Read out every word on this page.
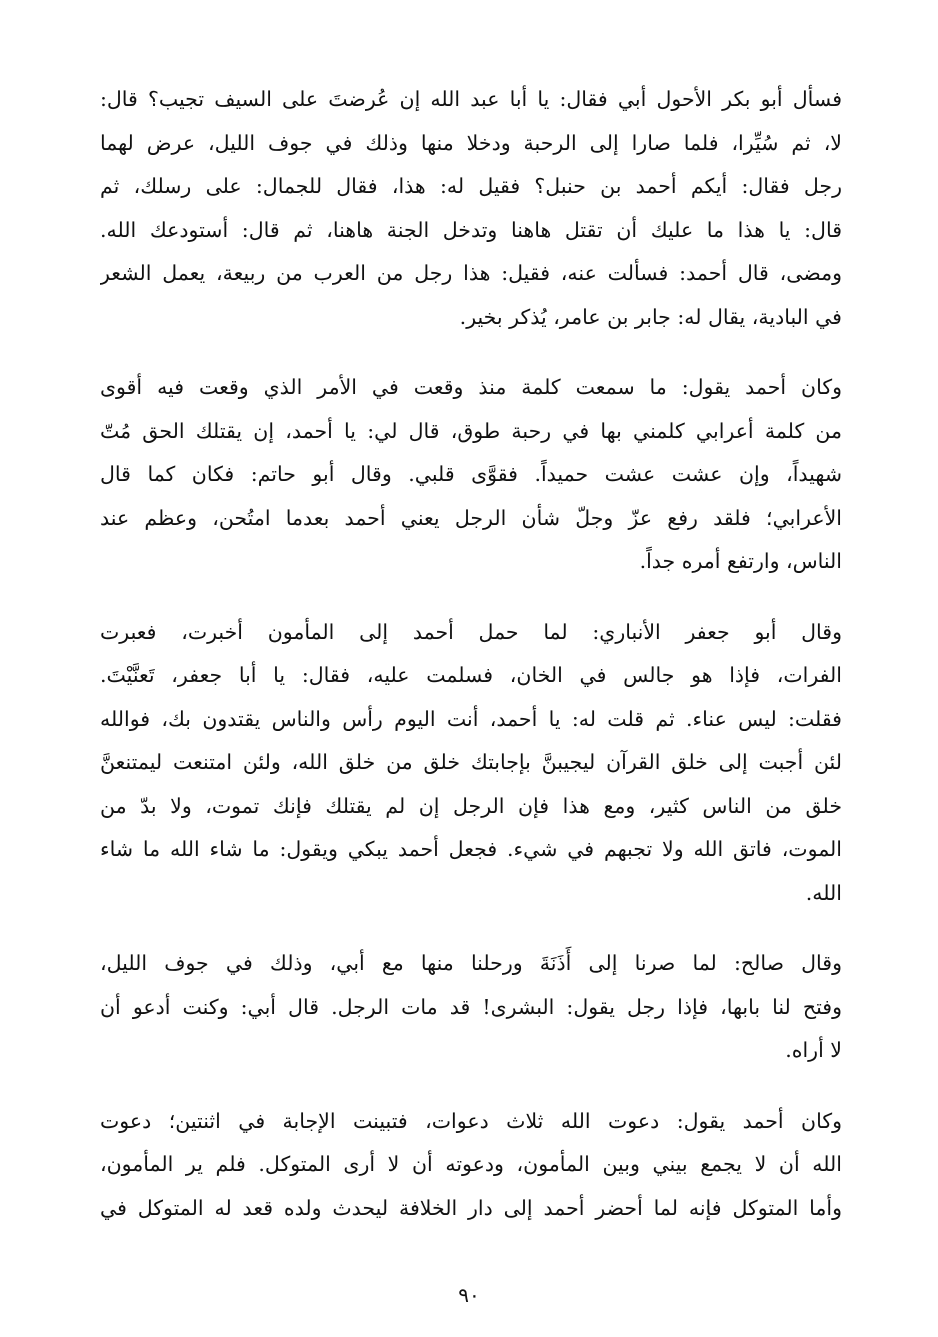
فسأل أبو بكر الأحول أبي فقال: يا أبا عبد الله إن عُرضتَ على السيف تجيب؟ قال:
لا، ثم سُيِّرا، فلما صارا إلى الرحبة ودخلا منها وذلك في جوف الليل، عرض لهما
رجل فقال: أيكم أحمد بن حنبل؟ فقيل له: هذا، فقال للجمال: على رسلك، ثم
قال: يا هذا ما عليك أن تقتل هاهنا وتدخل الجنة هاهنا، ثم قال: أستودعك الله.
ومضى، قال أحمد: فسألت عنه، فقيل: هذا رجل من العرب من ربيعة، يعمل الشعر
في البادية، يقال له: جابر بن عامر، يُذكر بخير.
وكان أحمد يقول: ما سمعت كلمة منذ وقعت في الأمر الذي وقعت فيه أقوى
من كلمة أعرابي كلمني بها في رحبة طوق، قال لي: يا أحمد، إن يقتلك الحق مُتّ
شهيداً، وإن عشت عشت حميداً. فقوَّى قلبي. وقال أبو حاتم: فكان كما قال
الأعرابي؛ فلقد رفع عزّ وجلّ شأن الرجل يعني أحمد بعدما امتُحن، وعظم عند
الناس، وارتفع أمره جداً.
وقال أبو جعفر الأنباري: لما حمل أحمد إلى المأمون أخبرت، فعبرت
الفرات، فإذا هو جالس في الخان، فسلمت عليه، فقال: يا أبا جعفر، تَعنَّيْتَ.
فقلت: ليس عناء. ثم قلت له: يا أحمد، أنت اليوم رأس والناس يقتدون بك، فوالله
لئن أجبت إلى خلق القرآن ليجيبنَّ بإجابتك خلق من خلق الله، ولئن امتنعت ليمتنعنَّ
خلق من الناس كثير، ومع هذا فإن الرجل إن لم يقتلك فإنك تموت، ولا بدّ من
الموت، فاتق الله ولا تجبهم في شيء. فجعل أحمد يبكي ويقول: ما شاء الله ما شاء
الله.
وقال صالح: لما صرنا إلى أَذَنَةَ ورحلنا منها مع أبي، وذلك في جوف الليل،
وفتح لنا بابها، فإذا رجل يقول: البشرى! قد مات الرجل. قال أبي: وكنت أدعو أن
لا أراه.
وكان أحمد يقول: دعوت الله ثلاث دعوات، فتبينت الإجابة في اثنتين؛ دعوت
الله أن لا يجمع بيني وبين المأمون، ودعوته أن لا أرى المتوكل. فلم ير المأمون،
وأما المتوكل فإنه لما أحضر أحمد إلى دار الخلافة ليحدث ولده قعد له المتوكل في
٩٠
